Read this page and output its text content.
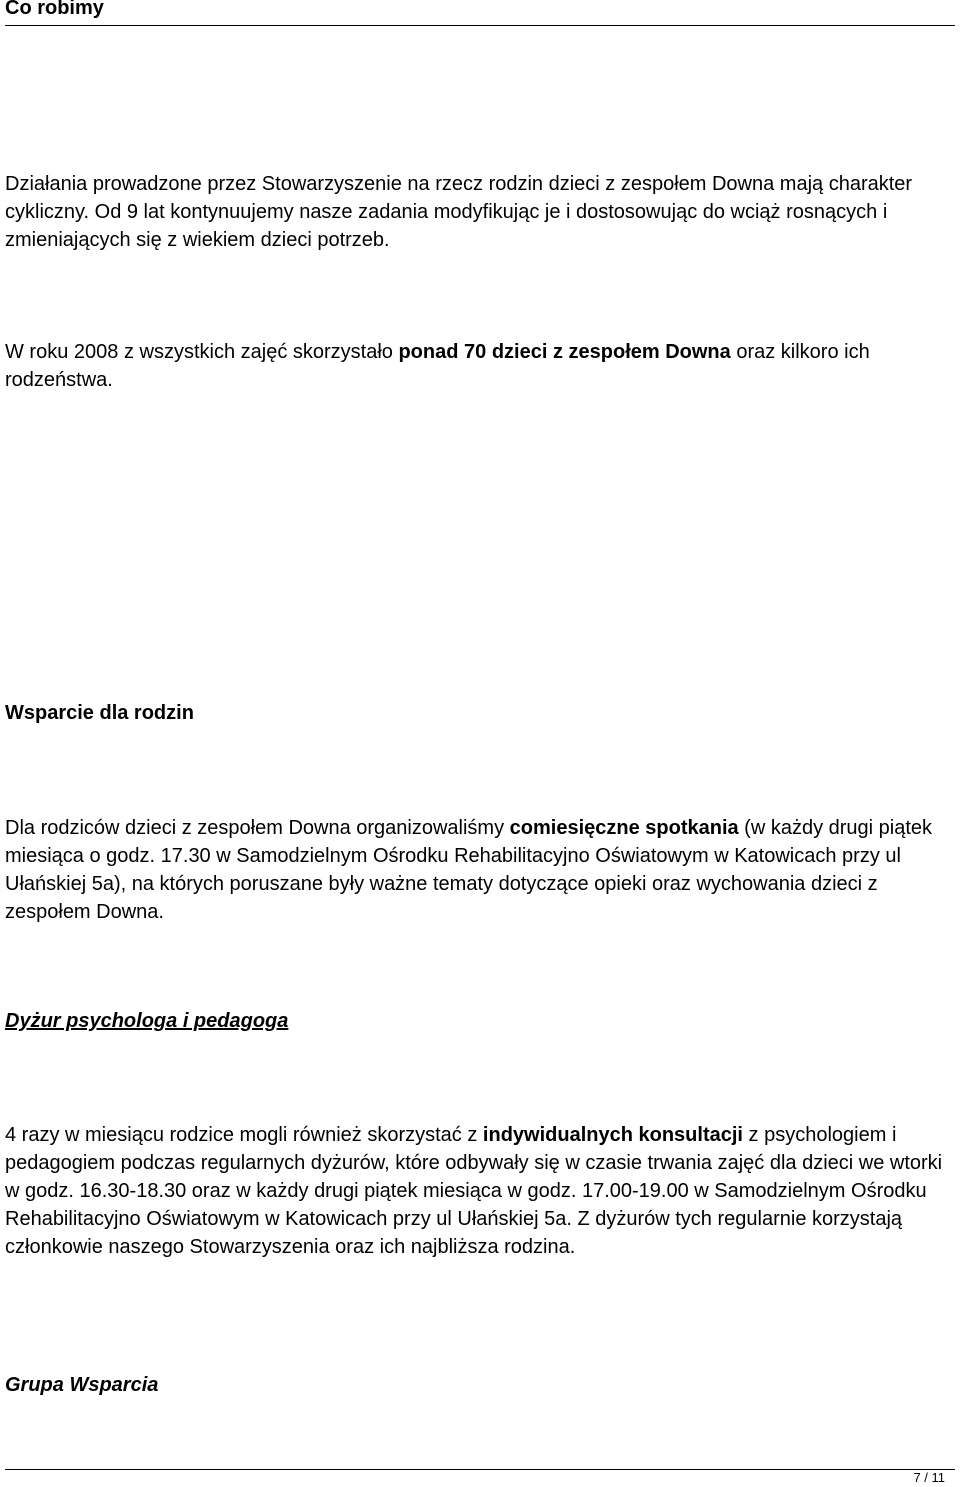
Co robimy

Działania prowadzone przez Stowarzyszenie na rzecz rodzin dzieci z zespołem Downa mają charakter cykliczny. Od 9 lat kontynuujemy nasze zadania modyfikując je i dostosowując do wciąż rosnących i zmieniających się z wiekiem dzieci potrzeb.

W roku 2008 z wszystkich zajęć skorzystało ponad 70 dzieci z zespołem Downa oraz kilkoro ich rodzeństwa.

Wsparcie dla rodzin

Dla rodziców dzieci z zespołem Downa organizowaliśmy comiesięczne spotkania (w każdy drugi piątek miesiąca o godz. 17.30 w Samodzielnym Ośrodku Rehabilitacyjno Oświatowym w Katowicach przy ul Ułańskiej 5a), na których poruszane były ważne tematy dotyczące opieki oraz wychowania dzieci z zespołem Downa.

Dyżur psychologa i pedagoga

4 razy w miesiącu rodzice mogli również skorzystać z indywidualnych konsultacji z psychologiem i pedagogiem podczas regularnych dyżurów, które odbywały się w czasie trwania zajęć dla dzieci we wtorki w godz. 16.30-18.30 oraz w każdy drugi piątek miesiąca w godz. 17.00-19.00 w Samodzielnym Ośrodku Rehabilitacyjno Oświatowym w Katowicach przy ul Ułańskiej 5a. Z dyżurów tych regularnie korzystają członkowie naszego Stowarzyszenia oraz ich najbliższa rodzina.

Grupa Wsparcia
7 / 11
